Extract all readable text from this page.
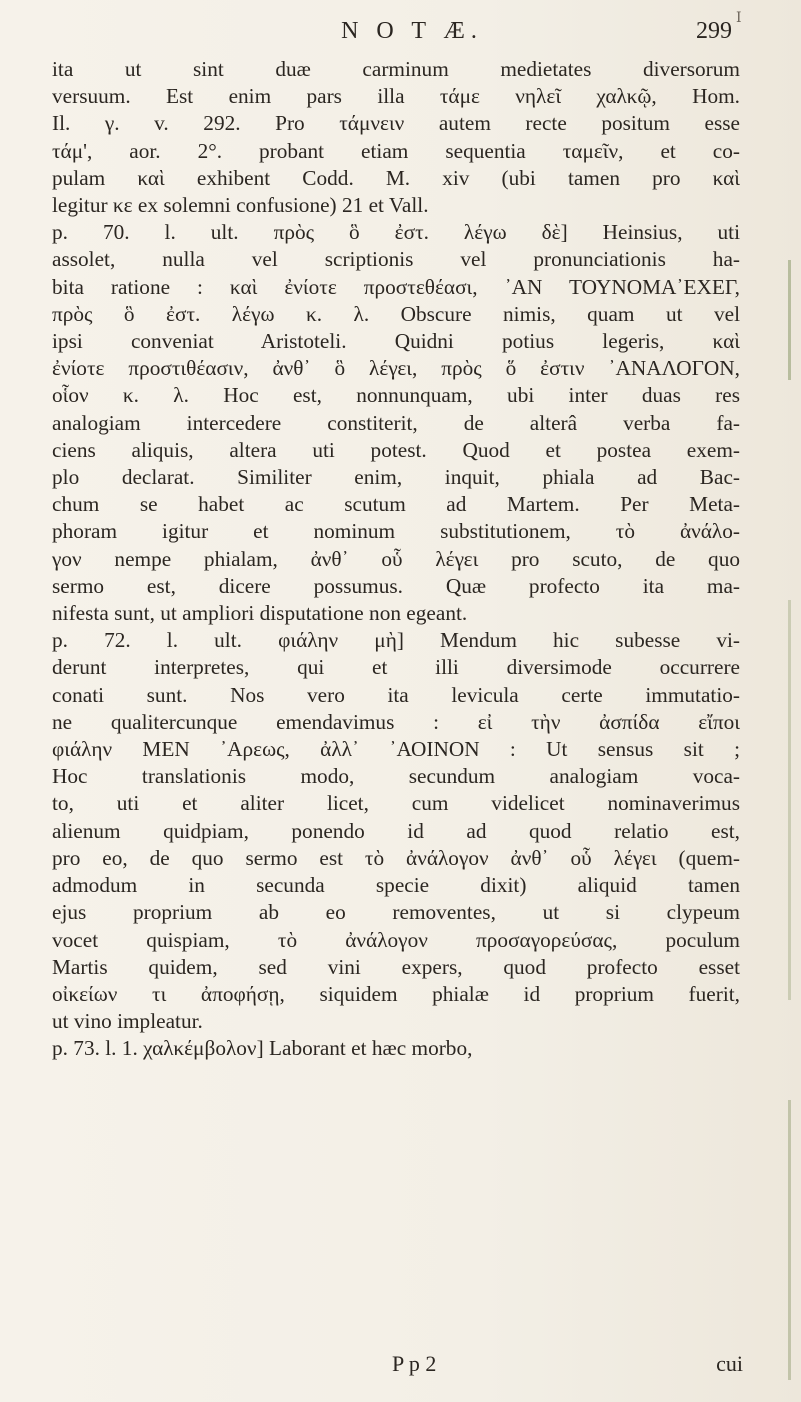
I
N O T Æ.	299
ita ut sint duæ carminum medietates diversorum
versuum. Est enim pars illa τάμε νηλεῖ χαλκῷ, Hom.
Il. γ. v. 292. Pro τάμνειν autem recte positum esse
τάμ', aor. 2°. probant etiam sequentia ταμεῖν, et co-
pulam καὶ exhibent Codd. M. xiv (ubi tamen pro καὶ
legitur κε ex solemni confusione) 21 et Vall.
p. 70. l. ult. πρὸς ὃ ἐστ. λέγω δὲ] Heinsius, uti
assolet, nulla vel scriptionis vel pronunciationis ha-
bita ratione : καὶ ἐνίοτε προστεθέασι, ᾽ΑΝ ΤΟΥΝΟΜΑ᾽ΕΧΕΓ,
πρὸς ὃ ἐστ. λέγω κ. λ. Obscure nimis, quam ut vel
ipsi conveniat Aristoteli. Quidni potius legeris, καὶ
ἐνίοτε προστιθέασιν, ἀνθ᾽ ὃ λέγει, πρὸς ὅ ἐστιν ᾽ΑΝΑΛΟΓΟΝ,
οἷον κ. λ. Hoc est, nonnunquam, ubi inter duas res
analogiam intercedere constiterit, de alterâ verba fa-
ciens aliquis, altera uti potest. Quod et postea exem-
plo declarat. Similiter enim, inquit, phiala ad Bac-
chum se habet ac scutum ad Martem. Per Meta-
phoram igitur et nominum substitutionem, τὸ ἀνάλο-
γον nempe phialam, ἀνθ᾽ οὗ λέγει pro scuto, de quo
sermo est, dicere possumus. Quæ profecto ita ma-
nifesta sunt, ut ampliori disputatione non egeant.
p. 72. l. ult. φιάλην μὴ] Mendum hic subesse vi-
derunt interpretes, qui et illi diversimode occurrere
conati sunt. Nos vero ita levicula certe immutatio-
ne qualitercunque emendavimus : εἰ τὴν ἀσπίδα εἴποι
φιάλην MEN ᾽Αρεως, ἀλλ᾽ ᾽ΑΟΙΝΟΝ : Ut sensus sit ;
Hoc translationis modo, secundum analogiam voca-
to, uti et aliter licet, cum videlicet nominaverimus
alienum quidpiam, ponendo id ad quod relatio est,
pro eo, de quo sermo est τὸ ἀνάλογον ἀνθ᾽ οὗ λέγει (quem-
admodum in secunda specie dixit) aliquid tamen
ejus proprium ab eo removentes, ut si clypeum
vocet quispiam, τὸ ἀνάλογον προσαγορεύσας, poculum
Martis quidem, sed vini expers, quod profecto esset
οἰκείων τι ἀποφήσῃ, siquidem phialæ id proprium fuerit,
ut vino impleatur.
p. 73. l. 1. χαλκέμβολον] Laborant et hæc morbo,
P p 2	cui
